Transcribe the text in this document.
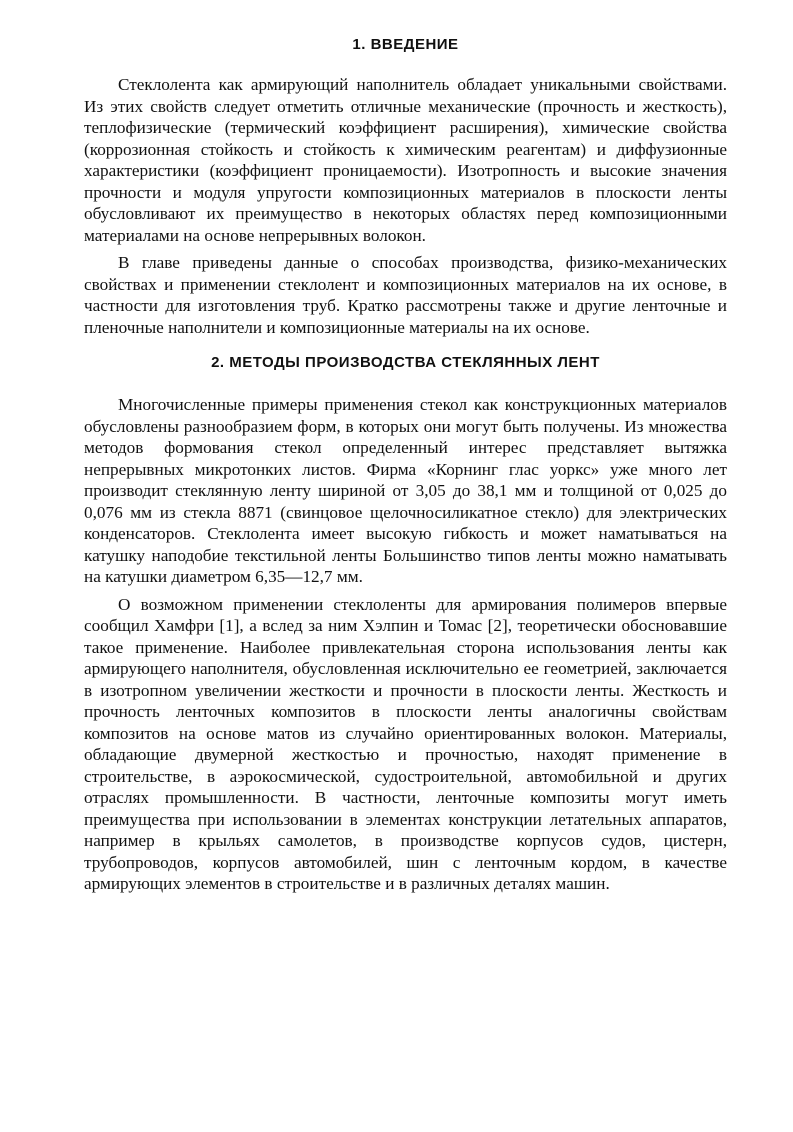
1. ВВЕДЕНИЕ

Стеклолента как армирующий наполнитель обладает уникальными свойствами. Из этих свойств следует отметить отличные механические (прочность и жесткость), теплофизические (термический коэффициент расширения), химические свойства (коррозионная стойкость и стойкость к химическим реагентам) и диффузионные характеристики (коэффициент проницаемости). Изотропность и высокие значения прочности и модуля упругости композиционных материалов в плоскости ленты обусловливают их преимущество в некоторых областях перед композиционными материалами на основе непрерывных волокон.

В главе приведены данные о способах производства, физико-механических свойствах и применении стеклолент и композиционных материалов на их основе, в частности для изготовления труб. Кратко рассмотрены также и другие ленточные и пленочные наполнители и композиционные материалы на их основе.

2. МЕТОДЫ ПРОИЗВОДСТВА СТЕКЛЯННЫХ ЛЕНТ

Многочисленные примеры применения стекол как конструкционных материалов обусловлены разнообразием форм, в которых они могут быть получены. Из множества методов формования стекол определенный интерес представляет вытяжка непрерывных микротонких листов. Фирма «Корнинг глас уоркс» уже много лет производит стеклянную ленту шириной от 3,05 до 38,1 мм и толщиной от 0,025 до 0,076 мм из стекла 8871 (свинцовое щелочносиликатное стекло) для электрических конденсаторов. Стеклолента имеет высокую гибкость и может наматываться на катушку наподобие текстильной ленты Большинство типов ленты можно наматывать на катушки диаметром 6,35—12,7 мм.

О возможном применении стеклоленты для армирования полимеров впервые сообщил Хамфри [1], а вслед за ним Хэлпин и Томас [2], теоретически обосновавшие такое применение. Наиболее привлекательная сторона использования ленты как армирующего наполнителя, обусловленная исключительно ее геометрией, заключается в изотропном увеличении жесткости и прочности в плоскости ленты. Жесткость и прочность ленточных композитов в плоскости ленты аналогичны свойствам композитов на основе матов из случайно ориентированных волокон. Материалы, обладающие двумерной жесткостью и прочностью, находят применение в строительстве, в аэрокосмической, судостроительной, автомобильной и других отраслях промышленности. В частности, ленточные композиты могут иметь преимущества при использовании в элементах конструкции летательных аппаратов, например в крыльях самолетов, в производстве корпусов судов, цистерн, трубопроводов, корпусов автомобилей, шин с ленточным кордом, в качестве армирующих элементов в строительстве и в различных деталях машин.
